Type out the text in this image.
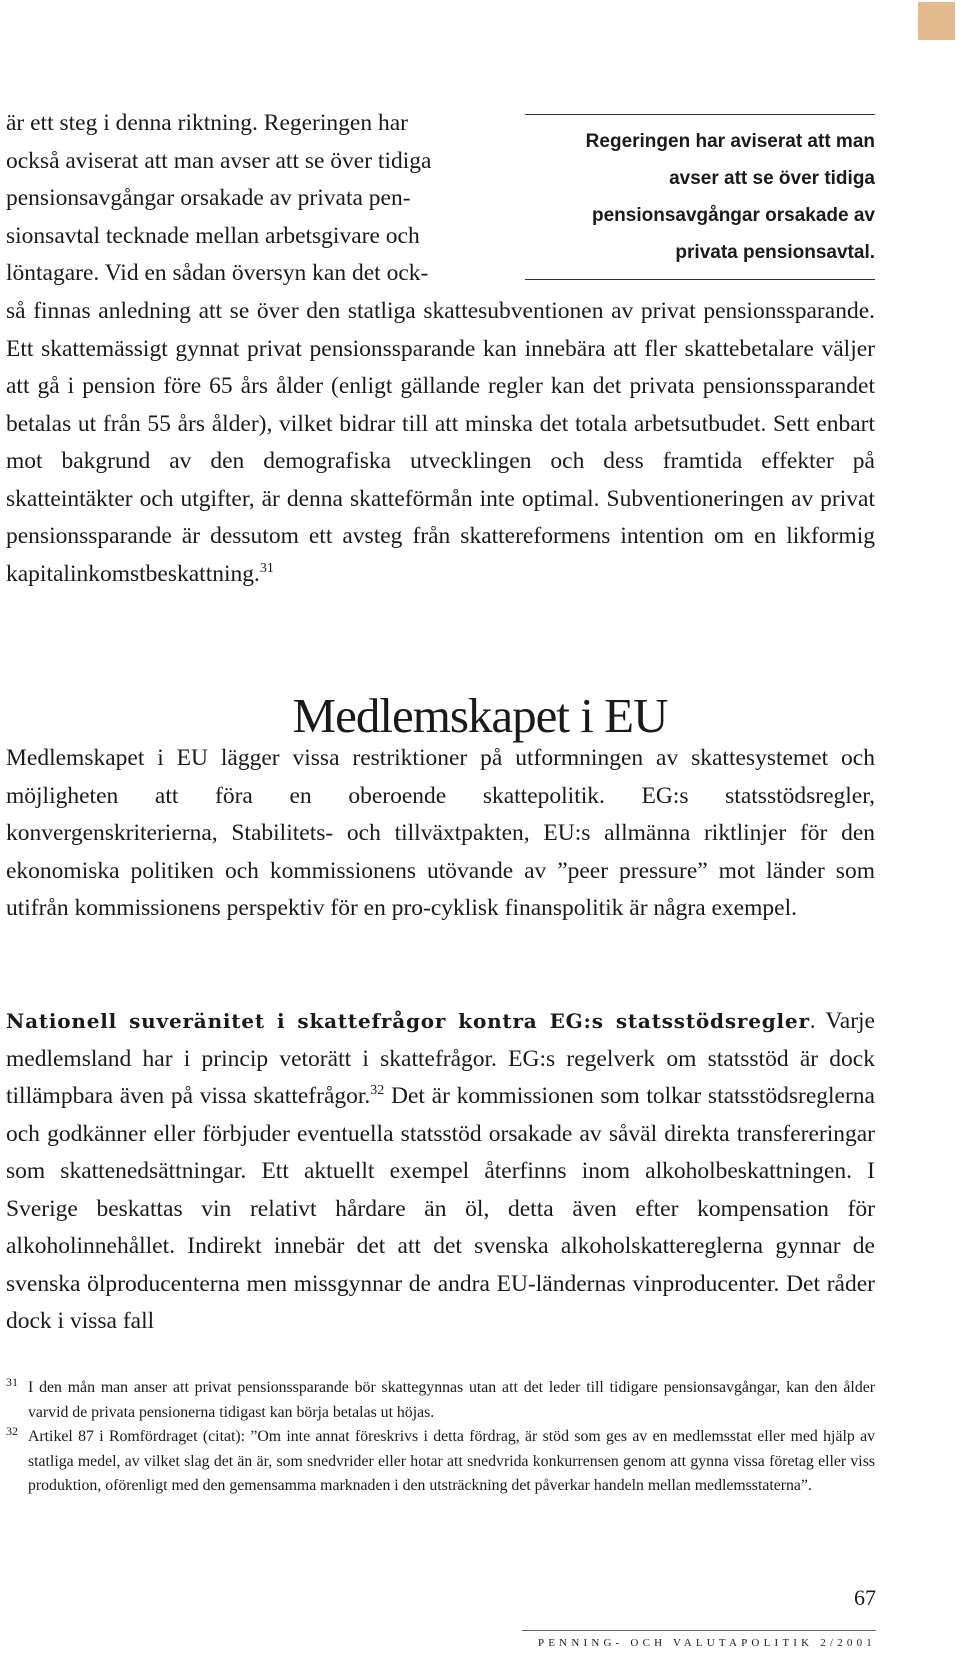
är ett steg i denna riktning. Regeringen har
också aviserat att man avser att se över tidiga
pensionsavgångar orsakade av privata pen-
sionsavtal tecknade mellan arbetsgivare och
löntagare. Vid en sådan översyn kan det ock-
Regeringen har aviserat att man
avser att se över tidiga
pensionsavgångar orsakade av
privata pensionsavtal.
så finnas anledning att se över den statliga skattesubventionen av privat pensionssparande. Ett skattemässigt gynnat privat pensionssparande kan innebära att fler skattebetalare väljer att gå i pension före 65 års ålder (enligt gällande regler kan det privata pensionssparandet betalas ut från 55 års ålder), vilket bidrar till att minska det totala arbetsutbudet. Sett enbart mot bakgrund av den demografiska utvecklingen och dess framtida effekter på skatteintäkter och utgifter, är denna skatteförmån inte optimal. Subventioneringen av privat pensionssparande är dessutom ett avsteg från skattereformens intention om en likformig kapitalinkomstbeskattning.$^{31}$
Medlemskapet i EU
Medlemskapet i EU lägger vissa restriktioner på utformningen av skattesystemet och möjligheten att föra en oberoende skattepolitik. EG:s statsstödsregler, konvergenskriterierna, Stabilitets- och tillväxtpakten, EU:s allmänna riktlinjer för den ekonomiska politiken och kommissionens utövande av ”peer pressure” mot länder som utifrån kommissionens perspektiv för en pro-cyklisk finanspolitik är några exempel.
Nationell suveränitet i skattefrågor kontra EG:s statsstödsregler. Varje medlemsland har i princip vetorätt i skattefrågor. EG:s regelverk om statsstöd är dock tillämpbara även på vissa skattefrågor.$^{32}$ Det är kommissionen som tolkar statsstödsreglerna och godkänner eller förbjuder eventuella statsstöd orsakade av såväl direkta transfereringar som skattenedsättningar. Ett aktuellt exempel återfinns inom alkoholbeskattningen. I Sverige beskattas vin relativt hårdare än öl, detta även efter kompensation för alkoholinnehållet. Indirekt innebär det att det svenska alkoholskattereglerna gynnar de svenska ölproducenterna men missgynnar de andra EU-ländernas vinproducenter. Det råder dock i vissa fall
31 I den mån man anser att privat pensionssparande bör skattegynnas utan att det leder till tidigare pensionsavgångar, kan den ålder varvid de privata pensionerna tidigast kan börja betalas ut höjas.
32 Artikel 87 i Romfördraget (citat): ”Om inte annat föreskrivs i detta fördrag, är stöd som ges av en medlemsstat eller med hjälp av statliga medel, av vilket slag det än är, som snedvrider eller hotar att snedvrida konkurrensen genom att gynna vissa företag eller viss produktion, oförenligt med den gemensamma marknaden i den utsträckning det påverkar handeln mellan medlemsstaterna”.
67
PENNING- OCH VALUTAPOLITIK 2/2001
